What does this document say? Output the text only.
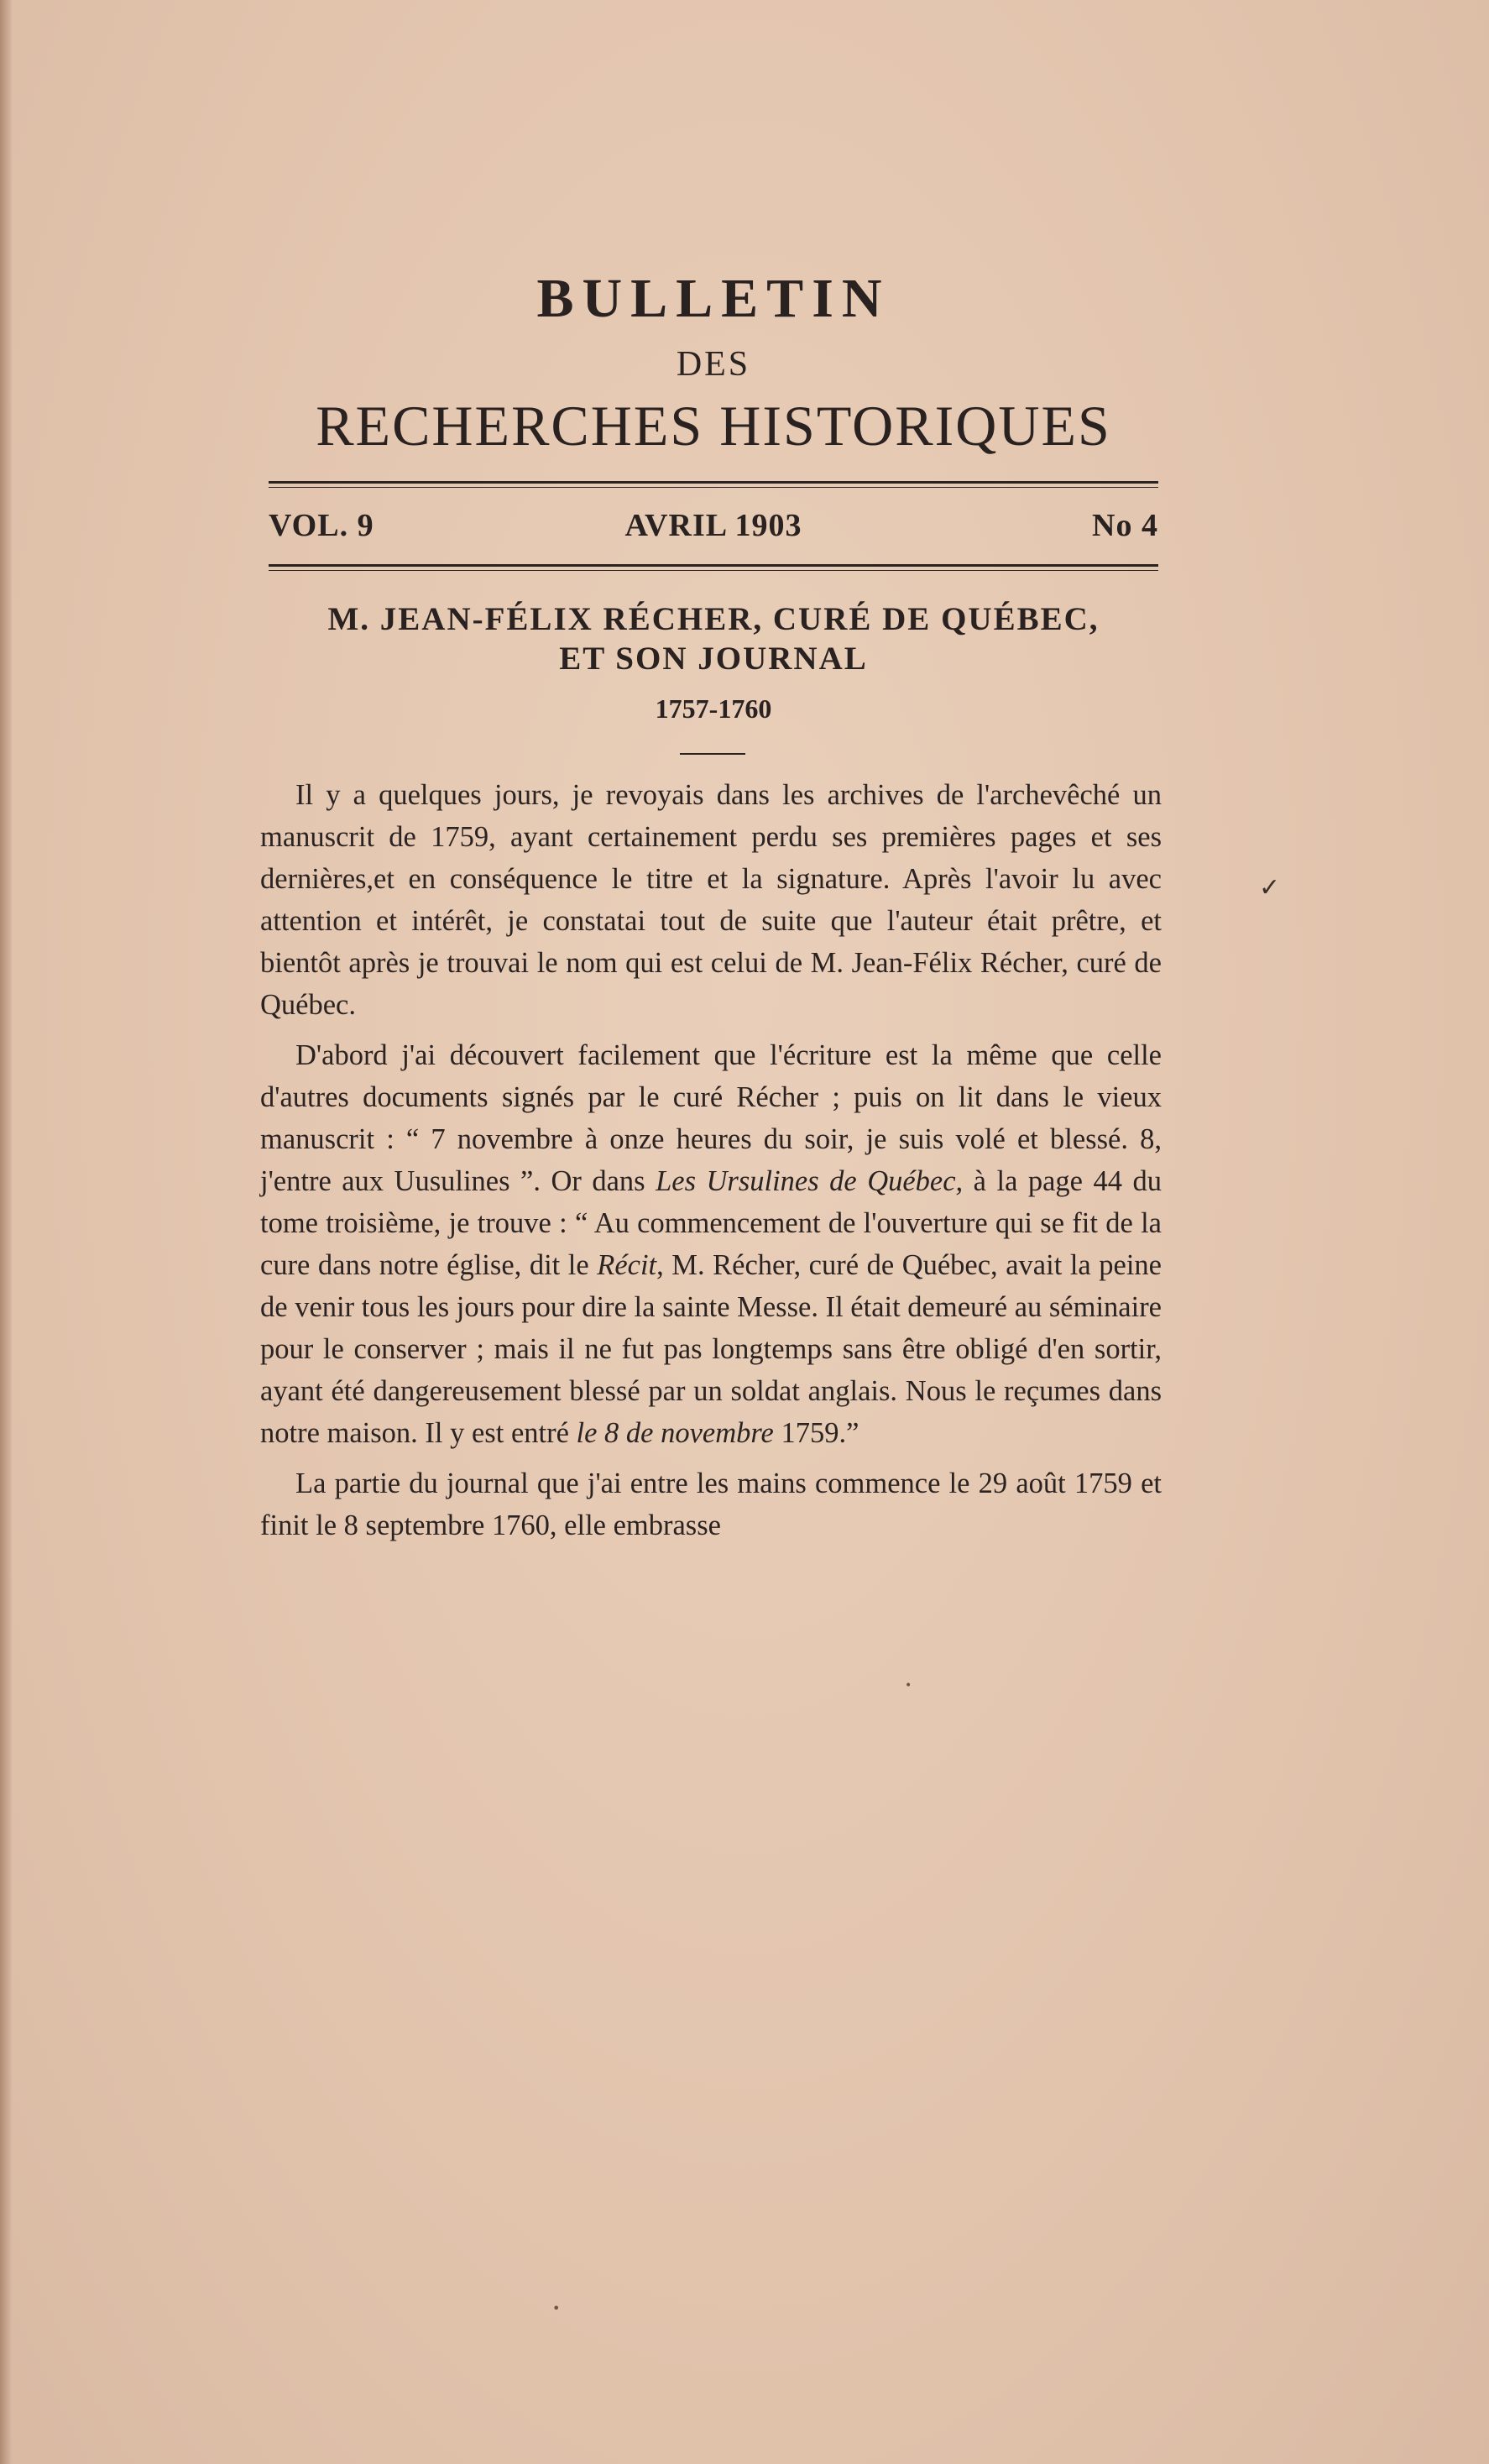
BULLETIN
DES
RECHERCHES HISTORIQUES
VOL. 9	AVRIL 1903	No 4
M. JEAN-FÉLIX RÉCHER, CURÉ DE QUÉBEC,
ET SON JOURNAL
1757-1760

Il y a quelques jours, je revoyais dans les archives de l'archevêché un manuscrit de 1759, ayant certainement perdu ses premières pages et ses dernières,et en conséquence le titre et la signature. Après l'avoir lu avec attention et intérêt, je constatai tout de suite que l'auteur était prêtre, et bientôt après je trouvai le nom qui est celui de M. Jean-Félix Récher, curé de Québec.

D'abord j'ai découvert facilement que l'écriture est la même que celle d'autres documents signés par le curé Récher ; puis on lit dans le vieux manuscrit : “ 7 novembre à onze heures du soir, je suis volé et blessé. 8, j'entre aux Uusulines ”. Or dans Les Ursulines de Québec, à la page 44 du tome troisième, je trouve : “ Au commencement de l'ouverture qui se fit de la cure dans notre église, dit le Récit, M. Récher, curé de Québec, avait la peine de venir tous les jours pour dire la sainte Messe. Il était demeuré au séminaire pour le conserver ; mais il ne fut pas longtemps sans être obligé d'en sortir, ayant été dangereusement blessé par un soldat anglais. Nous le reçumes dans notre maison. Il y est entré le 8 de novembre 1759.”

La partie du journal que j'ai entre les mains commence le 29 août 1759 et finit le 8 septembre 1760, elle embrasse

✓
•
•
